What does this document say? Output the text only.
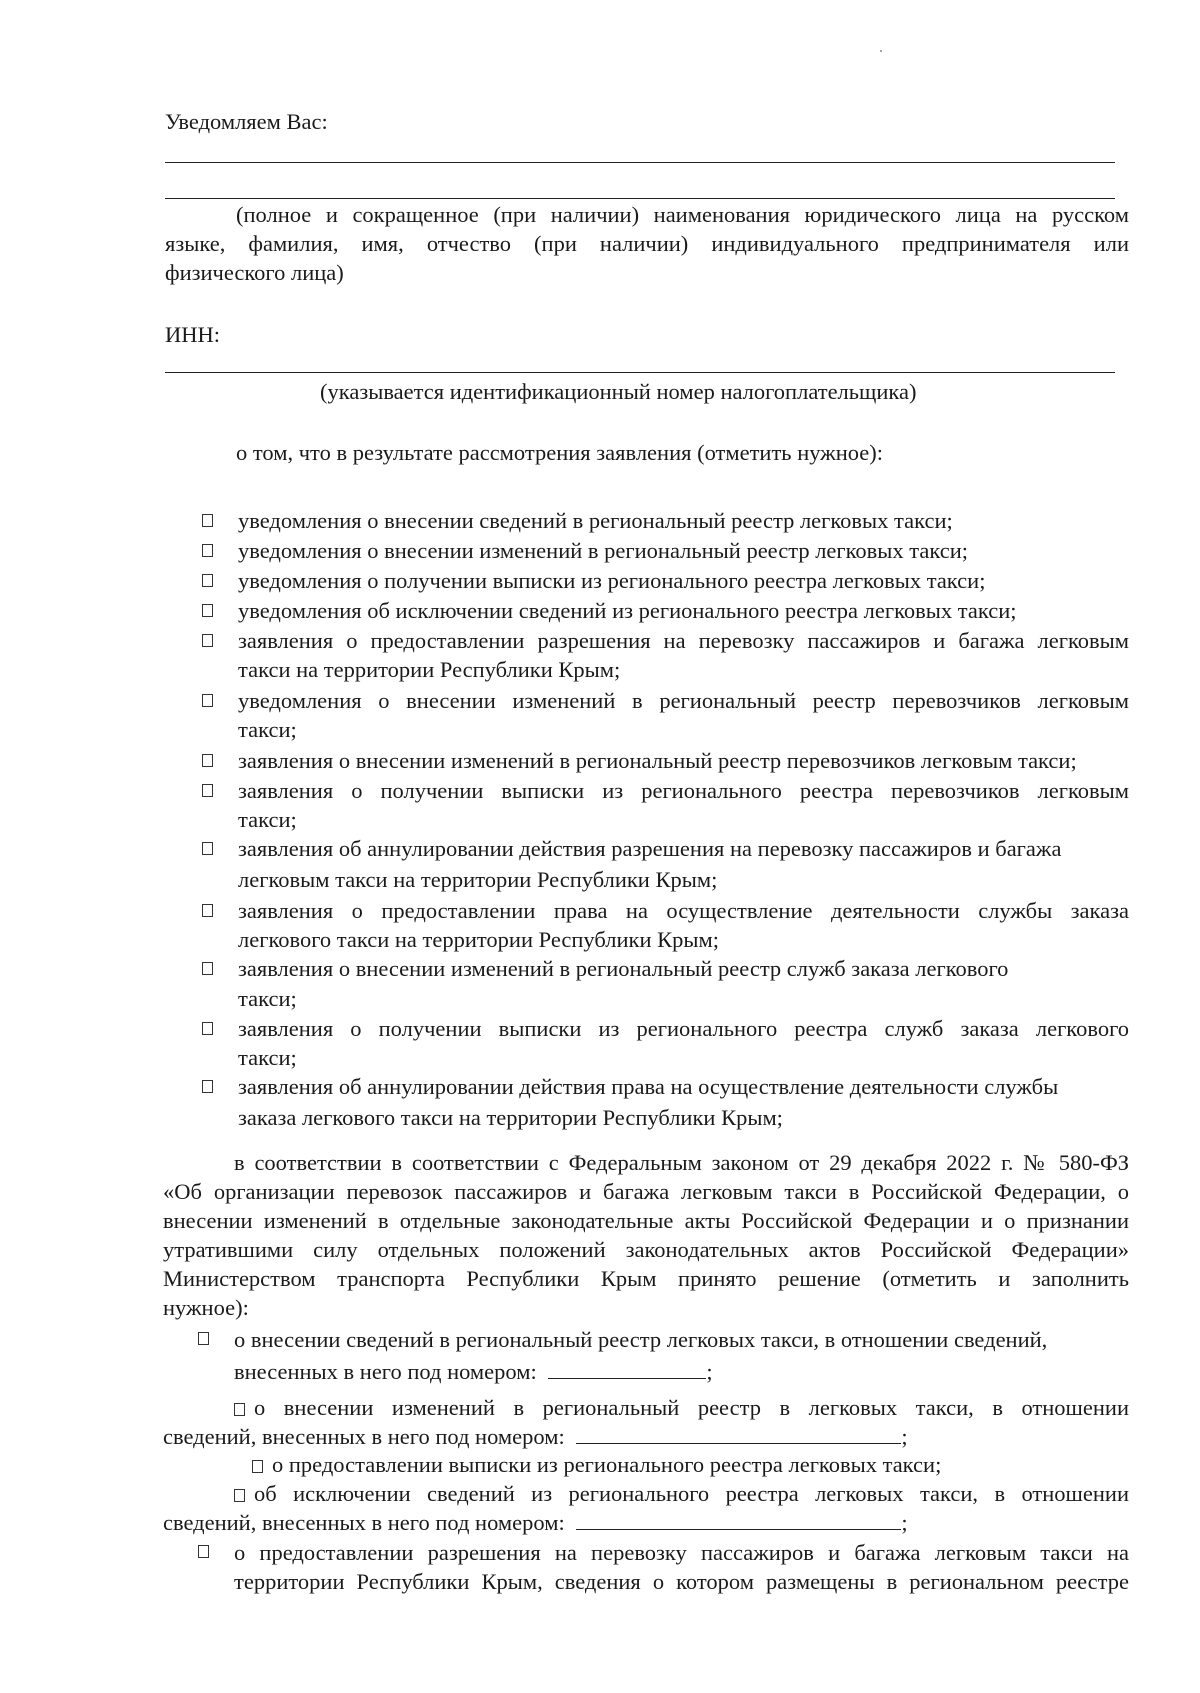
Уведомляем Вас:
(полное и сокращенное (при наличии) наименования юридического лица на русском
языке, фамилия, имя, отчество (при наличии) индивидуального предпринимателя или
физического лица)
ИНН:
(указывается идентификационный номер налогоплательщика)
о том, что в результате рассмотрения заявления (отметить нужное):
уведомления о внесении сведений в региональный реестр легковых такси;
уведомления о внесении изменений в региональный реестр легковых такси;
уведомления о получении выписки из регионального реестра легковых такси;
уведомления об исключении сведений из регионального реестра легковых такси;
заявления о предоставлении разрешения на перевозку пассажиров и багажа легковым
такси на территории Республики Крым;
уведомления о внесении изменений в региональный реестр перевозчиков легковым
такси;
заявления о внесении изменений в региональный реестр перевозчиков легковым такси;
заявления о получении выписки из регионального реестра перевозчиков легковым
такси;
заявления об аннулировании действия разрешения на перевозку пассажиров и багажа
легковым такси на территории Республики Крым;
заявления о предоставлении права на осуществление деятельности службы заказа
легкового такси на территории Республики Крым;
заявления о внесении изменений в региональный реестр служб заказа легкового
такси;
заявления о получении выписки из регионального реестра служб заказа легкового
такси;
заявления об аннулировании действия права на осуществление деятельности службы
заказа легкового такси на территории Республики Крым;
в соответствии в соответствии с Федеральным законом от 29 декабря 2022 г. № 580-ФЗ
«Об организации перевозок пассажиров и багажа легковым такси в Российской Федерации, о
внесении изменений в отдельные законодательные акты Российской Федерации и о признании
утратившими силу отдельных положений законодательных актов Российской Федерации»
Министерством транспорта Республики Крым принято решение (отметить и заполнить
нужное):
о внесении сведений в региональный реестр легковых такси, в отношении сведений,
внесенных в него под номером:	;
о внесении изменений в региональный реестр в легковых такси, в отношении
сведений, внесенных в него под номером:	;
о предоставлении выписки из регионального реестра легковых такси;
об исключении сведений из регионального реестра легковых такси, в отношении
сведений, внесенных в него под номером:	;
о предоставлении разрешения на перевозку пассажиров и багажа легковым такси на
территории Республики Крым, сведения о котором размещены в региональном реестре
